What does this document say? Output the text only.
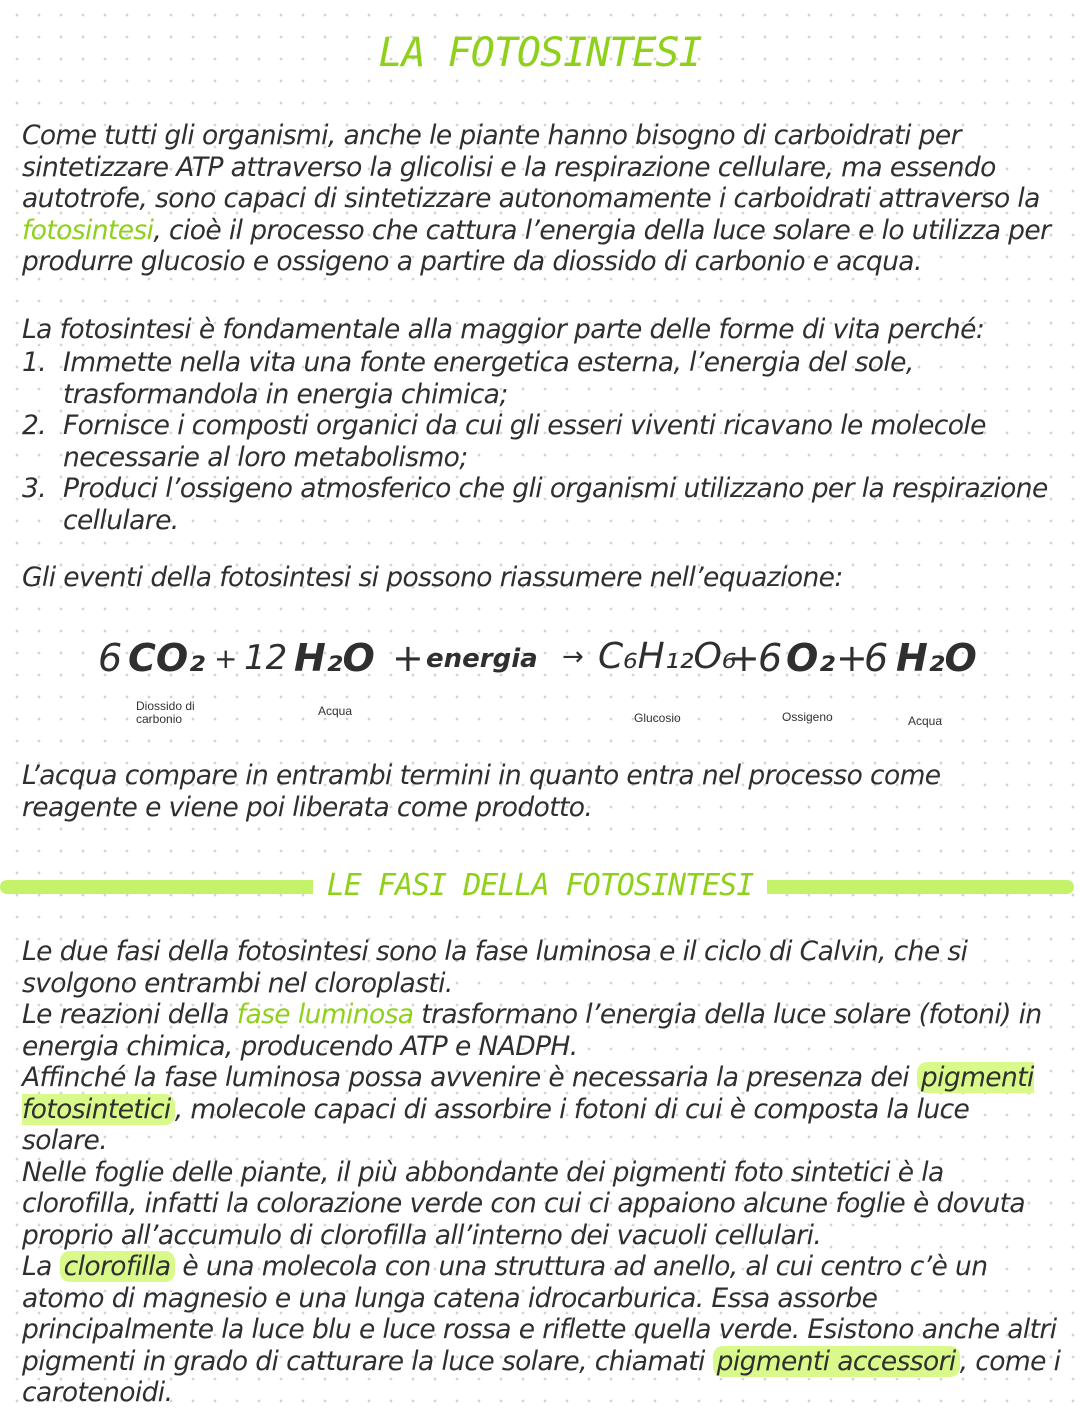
LA FOTOSINTESI

Come tutti gli organismi, anche le piante hanno bisogno di carboidrati per sintetizzare ATP attraverso la glicolisi e la respirazione cellulare, ma essendo autotrofe, sono capaci di sintetizzare autonomamente i carboidrati attraverso la fotosintesi, cioè il processo che cattura l’energia della luce solare e lo utilizza per produrre glucosio e ossigeno a partire da diossido di carbonio e acqua.

La fotosintesi è fondamentale alla maggior parte delle forme di vita perché:

1. Immette nella vita una fonte energetica esterna, l’energia del sole, trasformandola in energia chimica;
2. Fornisce i composti organici da cui gli esseri viventi ricavano le molecole necessarie al loro metabolismo;
3. Produci l’ossigeno atmosferico che gli organismi utilizzano per la respirazione cellulare.

Gli eventi della fotosintesi si possono riassumere nell’equazione:

6 CO₂ + 12 H₂O + energia → C₆H₁₂O₆
+
6 O₂ +
6 H₂O
Diossido di
carbonio
Acqua	Glucosio	Ossigeno	Acqua

L’acqua compare in entrambi termini in quanto entra nel processo come reagente e viene poi liberata come prodotto.

LE FASI DELLA FOTOSINTESI

Le due fasi della fotosintesi sono la fase luminosa e il ciclo di Calvin, che si svolgono entrambi nel cloroplasti.
Le reazioni della fase luminosa trasformano l’energia della luce solare (fotoni) in energia chimica, producendo ATP e NADPH.
Affinché la fase luminosa possa avvenire è necessaria la presenza dei pigmenti fotosintetici , molecole capaci di assorbire i fotoni di cui è composta la luce solare.
Nelle foglie delle piante, il più abbondante dei pigmenti foto sintetici è la clorofilla, infatti la colorazione verde con cui ci appaiono alcune foglie è dovuta proprio all’accumulo di clorofilla all’interno dei vacuoli cellulari.
La clorofilla è una molecola con una struttura ad anello, al cui centro c’è un atomo di magnesio e una lunga catena idrocarburica. Essa assorbe principalmente la luce blu e luce rossa e riflette quella verde. Esistono anche altri pigmenti in grado di catturare la luce solare, chiamati pigmenti accessori , come i carotenoidi.
